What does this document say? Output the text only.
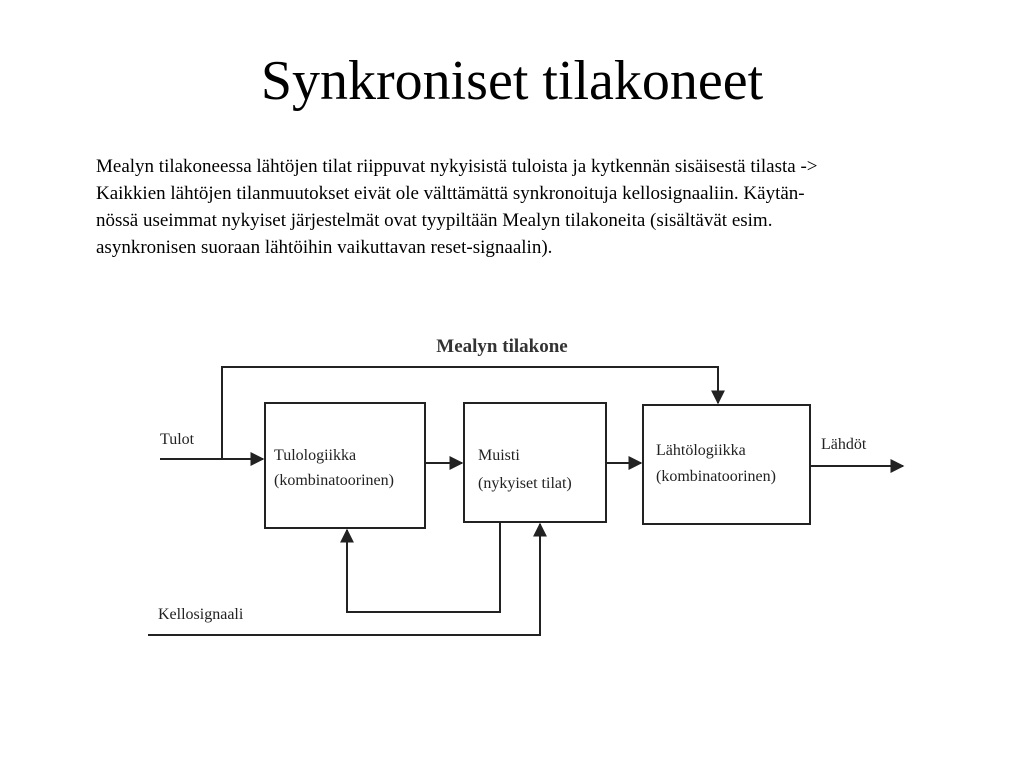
Synkroniset tilakoneet
Mealyn tilakoneessa lähtöjen tilat riippuvat nykyisistä tuloista ja kytkennän sisäisestä tilasta ->
Kaikkien lähtöjen tilanmuutokset eivät ole välttämättä synkronoituja kellosignaaliin. Käytän-
nössä useimmat nykyiset järjestelmät ovat tyypiltään Mealyn tilakoneita (sisältävät esim.
asynkronisen suoraan lähtöihin vaikuttavan reset-signaalin).
Mealyn tilakone
Tulologiikka
(kombinatoorinen)
Muisti
(nykyiset tilat)
Lähtölogiikka
(kombinatoorinen)
Tulot	Lähdöt
Kellosignaali
